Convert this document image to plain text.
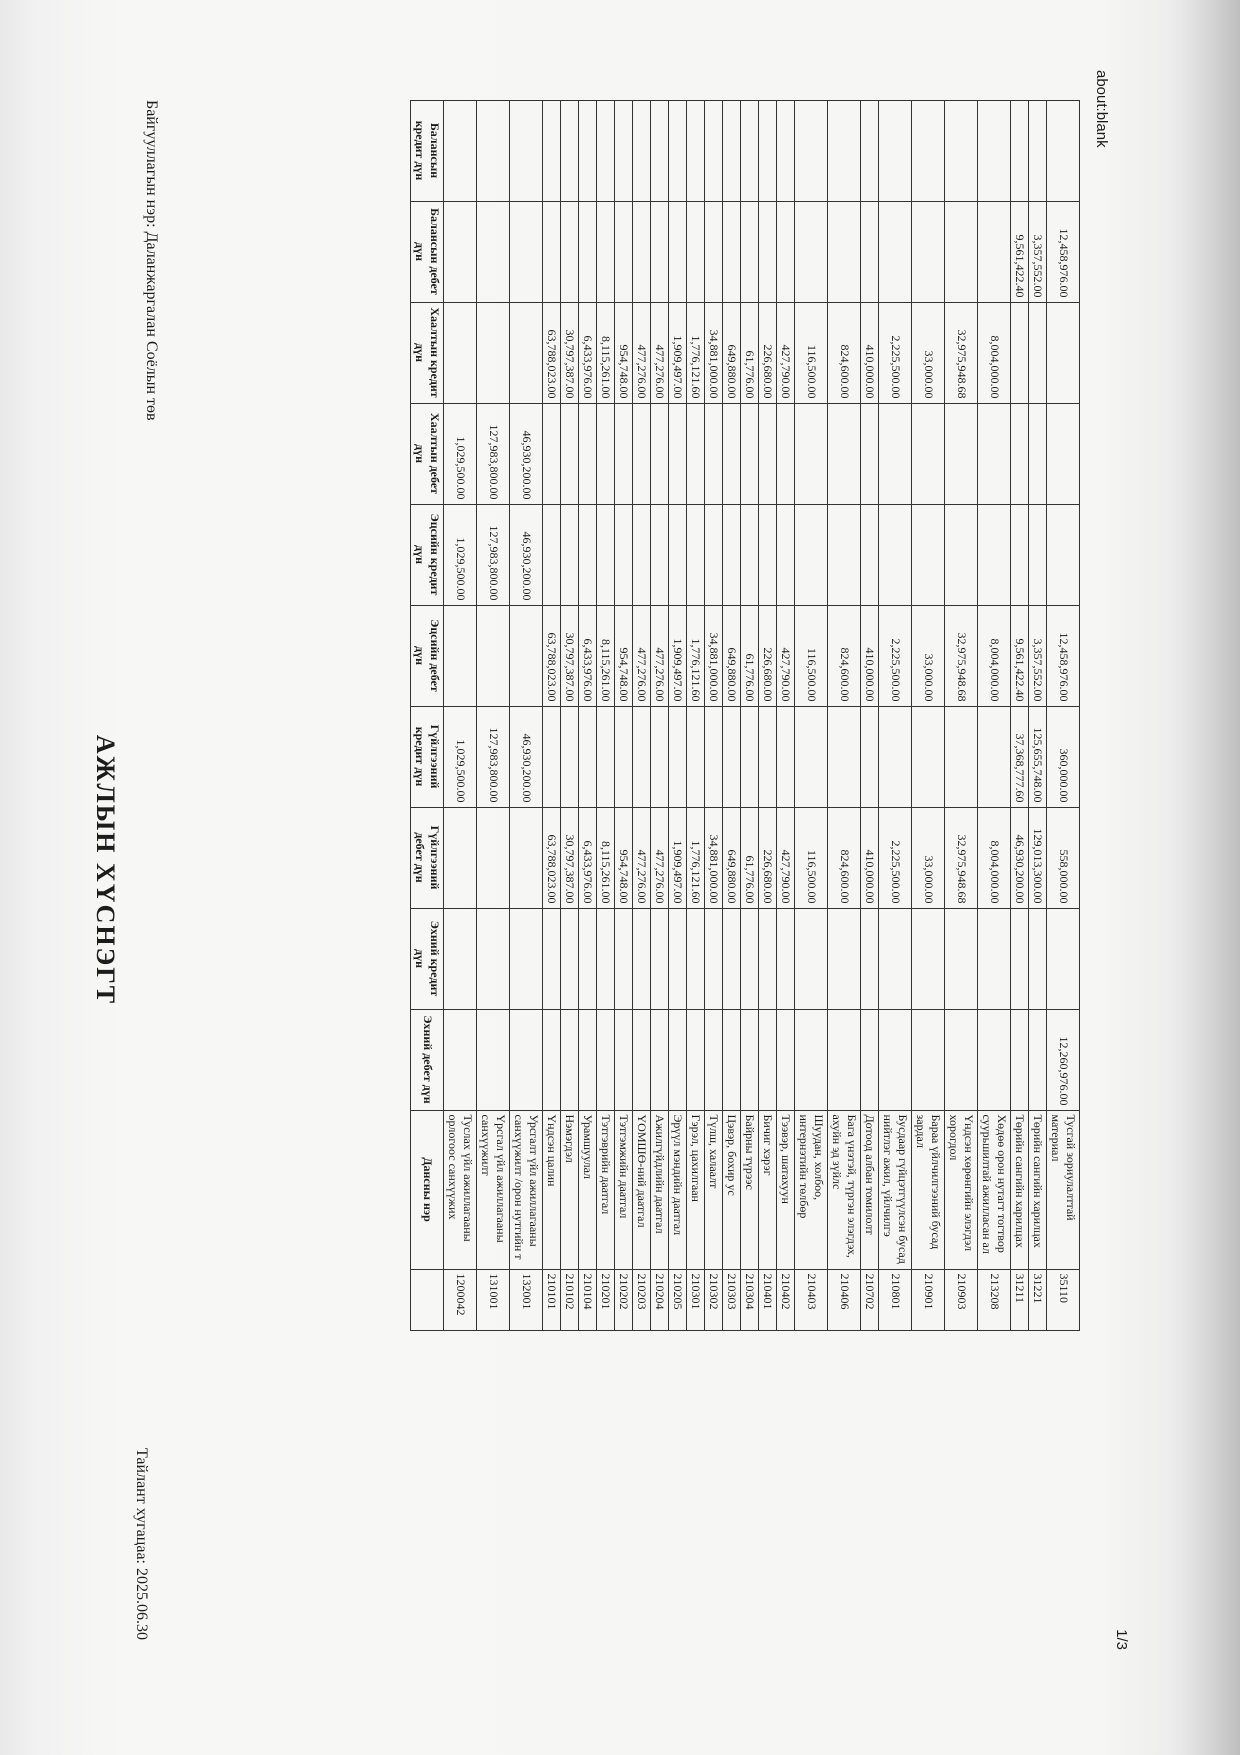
АЖЛЫН ХҮСНЭГТ
Байгууллагын нэр: Даланжаргалан Соёлын төв
Тайлант хугацаа: 2025.06.30
about:blank
1/3
	Дансны нэр	Эхний дебет дүн	Эхний кредит дүн	Гүйлгээний дебет дүн	Гүйлгээний кредит дүн	Эцсийн дебет дүн	Эцсийн кредит дүн	Хаалтын дебет дүн	Хаалтын кредит дүн	Балансын дебет дүн	Балансын кредит дүн
1200042	Туслах үйл ажиллагааны орлогоос санхүүжих				1,029,500.00		1,029,500.00	1,029,500.00			
131001	Үрсгал үйл ажиллагааны санхүүжилт				127,983,800.00		127,983,800.00	127,983,800.00			
132001	Урсгалт үйл ажиллагааны санхүүжилт /орон нутгийн т				46,930,200.00		46,930,200.00	46,930,200.00			
210101	Үндсэн цалин			63,788,023.00		63,788,023.00			63,788,023.00		
210102	Нэмэгдэл			30,797,387.00		30,797,387.00			30,797,387.00		
210104	Урамшуулал			6,433,976.00		6,433,976.00			6,433,976.00		
210201	Тэтгэврийн даатгал			8,115,261.00		8,115,261.00			8,115,261.00		
210202	Тэтгэмжийн даатгал			954,748.00		954,748.00			954,748.00		
210203	ҮОМШӨ-ний даатгал			477,276.00		477,276.00			477,276.00		
210204	Ажилгүйдлийн даатгал			477,276.00		477,276.00			477,276.00		
210205	Эрүүл мэндийн даатгал			1,909,497.00		1,909,497.00			1,909,497.00		
210301	Гэрэл, цахилгаан			1,776,121.60		1,776,121.60			1,776,121.60		
210302	Түлш, халаалт			34,881,000.00		34,881,000.00			34,881,000.00		
210303	Цэвэр, бохир ус			649,880.00		649,880.00			649,880.00		
210304	Байрны түрээс			61,776.00		61,776.00			61,776.00		
210401	Бичиг хэрэг			226,680.00		226,680.00			226,680.00		
210402	Тээвэр, шатахуун			427,790.00		427,790.00			427,790.00		
210403	Шуудан, холбоо, интернэтийн төлбөр			116,500.00		116,500.00			116,500.00		
210406	Бага үнэтэй, түргэн элэгдэх, ахуйн эд зүйлс			824,600.00		824,600.00			824,600.00		
210702	Дотоод албан томилолт			410,000.00		410,000.00			410,000.00		
210801	Бусдаар гүйцэтгүүлсэн бусад нийтлэг ажил, үйлчилгэ			2,225,500.00		2,225,500.00			2,225,500.00		
210901	Бараа үйлчилгээний бусад зардал			33,000.00		33,000.00			33,000.00		
210903	Үндсэн хөрөнгийн элэгдэл хорогдол			32,975,948.68		32,975,948.68			32,975,948.68		
213208	Хөдөө орон нутагт тогтвор суурьшилтай ажилласан ал			8,004,000.00		8,004,000.00			8,004,000.00		
31211	Төрийн сангийн харилцах			46,930,200.00	37,368,777.60	9,561,422.40				9,561,422.40	
31221	Төрийн сангийн харилцах			129,013,300.00	125,655,748.00	3,357,552.00				3,357,552.00	
35110	Тусгай зориулалттай материал	12,260,976.00		558,000.00	360,000.00	12,458,976.00				12,458,976.00	
